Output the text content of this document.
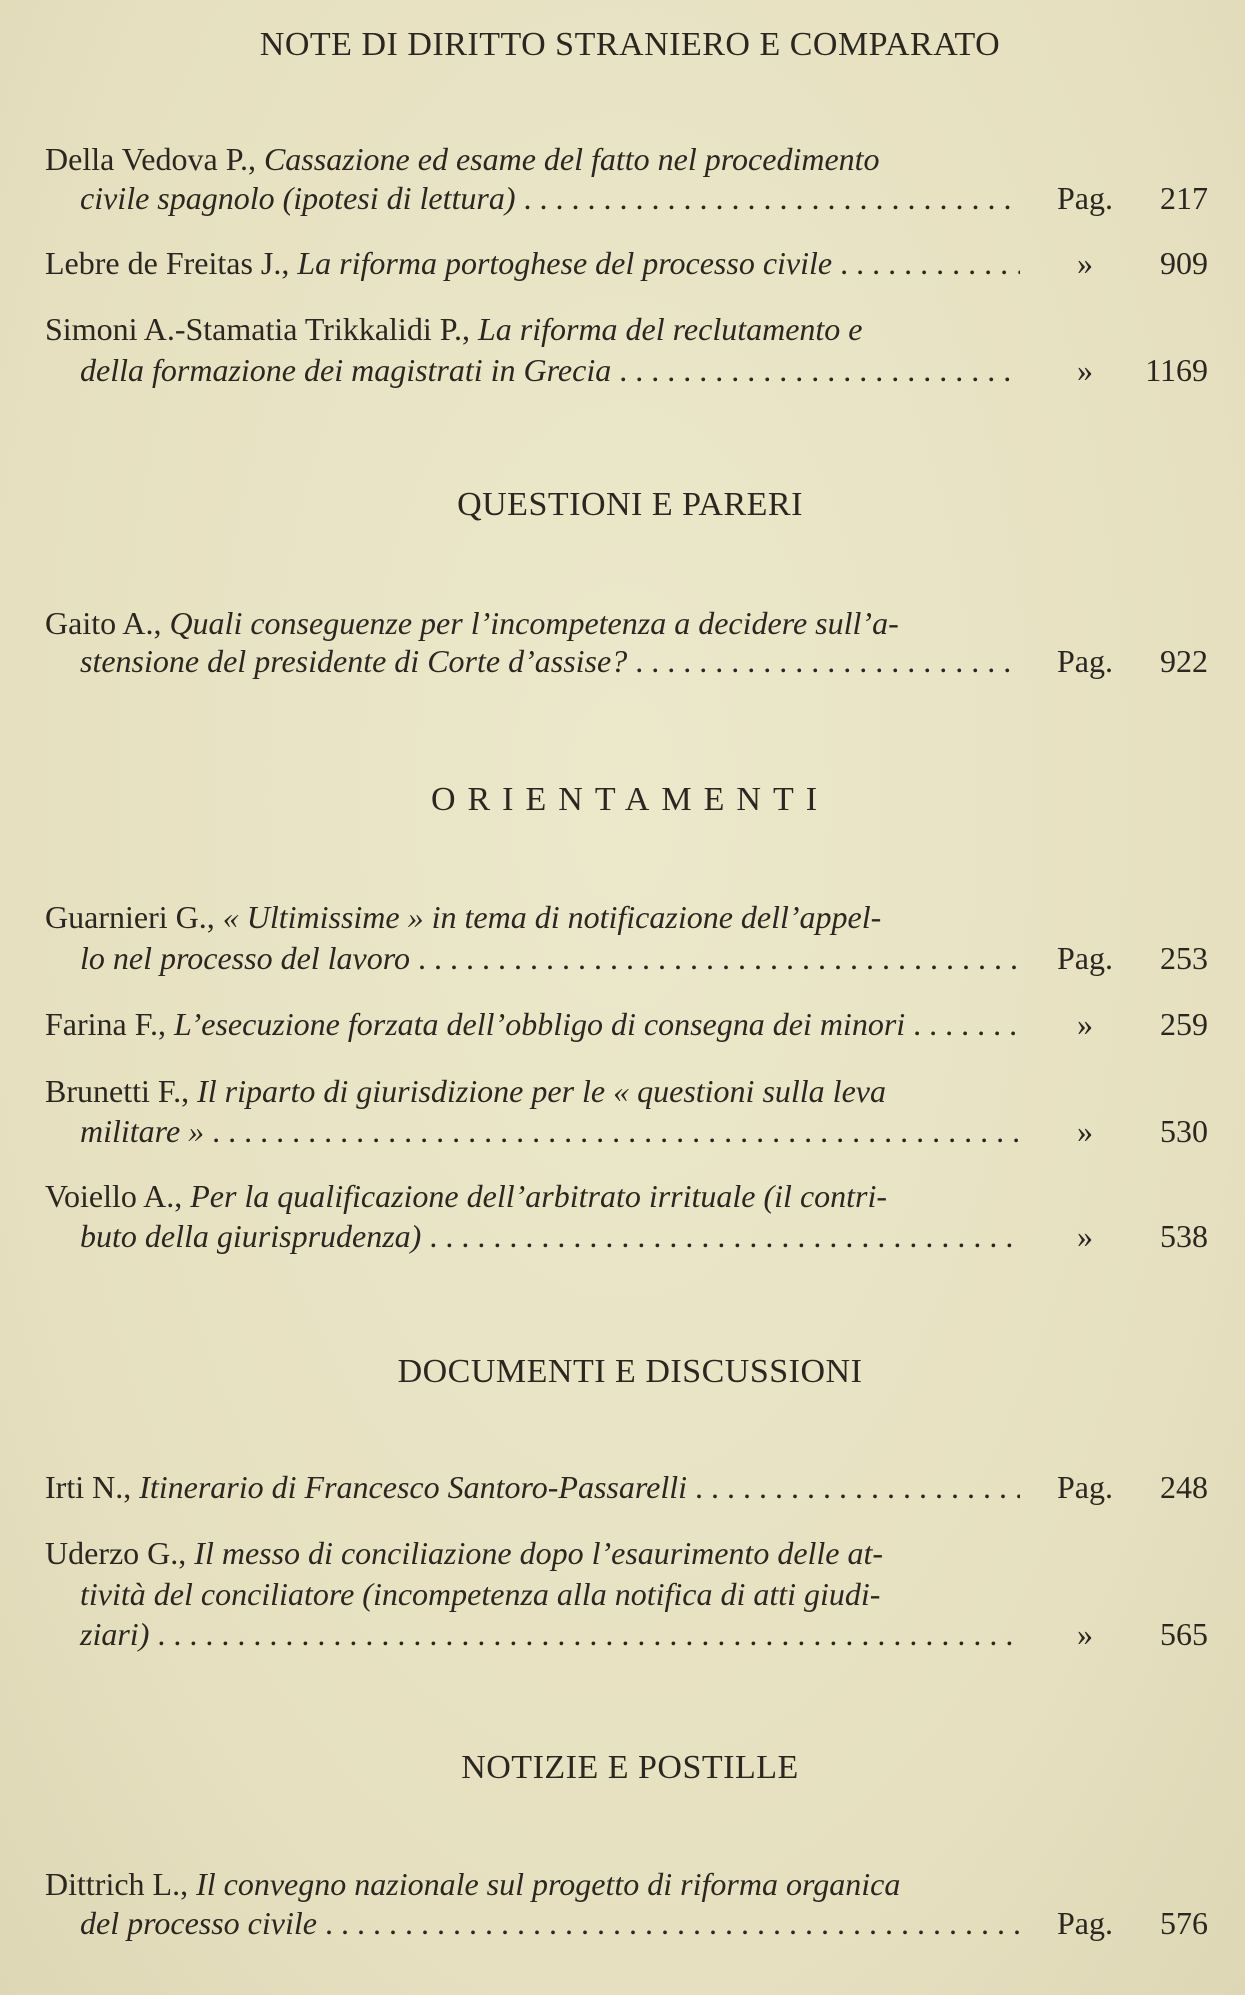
NOTE DI DIRITTO STRANIERO E COMPARATO
Della Vedova P.,
Cassazione ed esame del fatto nel procedimento
civile spagnolo (ipotesi di lettura) . . .	Pag.	217
Lebre de Freitas J.,
La riforma portoghese del processo civile . . .	»	909
Simoni A.-Stamatia Trikkalidi P.,
La riforma del reclutamento e
della formazione dei magistrati in Grecia . . .	»	1169
QUESTIONI E PARERI
Gaito A.,
Quali conseguenze per l’incompetenza a decidere sull’a-
stensione del presidente di Corte d’assise? . . .	Pag.	922
ORIENTAMENTI
Guarnieri G.,
« Ultimissime » in tema di notificazione dell’appel-
lo nel processo del lavoro . . .	Pag.	253
Farina F.,
L’esecuzione forzata dell’obbligo di consegna dei minori . . .	»	259
Brunetti F.,
Il riparto di giurisdizione per le « questioni sulla leva
militare » . . .	»	530
Voiello A.,
Per la qualificazione dell’arbitrato irrituale (il contri-
buto della giurisprudenza) . . .	»	538
DOCUMENTI E DISCUSSIONI
Irti N.,
Itinerario di Francesco Santoro-Passarelli . . .	Pag.	248
Uderzo G.,
Il messo di conciliazione dopo l’esaurimento delle at-
tività del conciliatore (incompetenza alla notifica di atti giudi-
ziari) . . .	»	565
NOTIZIE E POSTILLE
Dittrich L.,
Il convegno nazionale sul progetto di riforma organica
del processo civile . . .	Pag.	576
